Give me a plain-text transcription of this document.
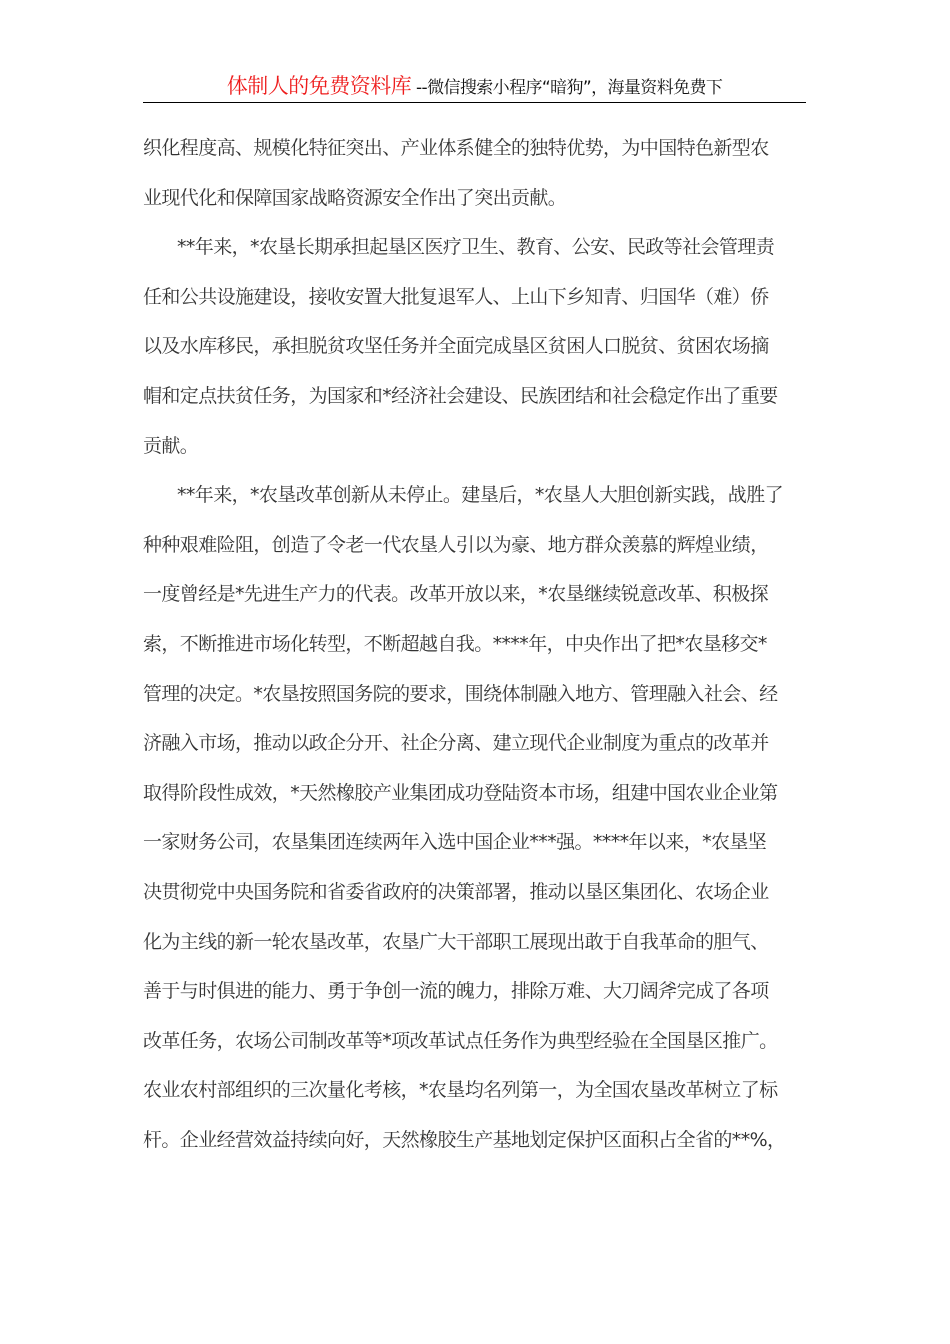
体制人的免费资料库 --微信搜索小程序“暗狗”，海量资料免费下
织化程度高、规模化特征突出、产业体系健全的独特优势，为中国特色新型农
业现代化和保障国家战略资源安全作出了突出贡献。
**年来，*农垦长期承担起垦区医疗卫生、教育、公安、民政等社会管理责
任和公共设施建设，接收安置大批复退军人、上山下乡知青、归国华（难）侨
以及水库移民，承担脱贫攻坚任务并全面完成垦区贫困人口脱贫、贫困农场摘
帽和定点扶贫任务，为国家和*经济社会建设、民族团结和社会稳定作出了重要
贡献。
**年来，*农垦改革创新从未停止。建垦后，*农垦人大胆创新实践，战胜了
种种艰难险阻，创造了令老一代农垦人引以为豪、地方群众羡慕的辉煌业绩，
一度曾经是*先进生产力的代表。改革开放以来，*农垦继续锐意改革、积极探
索，不断推进市场化转型，不断超越自我。****年，中央作出了把*农垦移交*
管理的决定。*农垦按照国务院的要求，围绕体制融入地方、管理融入社会、经
济融入市场，推动以政企分开、社企分离、建立现代企业制度为重点的改革并
取得阶段性成效，*天然橡胶产业集团成功登陆资本市场，组建中国农业企业第
一家财务公司，农垦集团连续两年入选中国企业***强。****年以来，*农垦坚
决贯彻党中央国务院和省委省政府的决策部署，推动以垦区集团化、农场企业
化为主线的新一轮农垦改革，农垦广大干部职工展现出敢于自我革命的胆气、
善于与时俱进的能力、勇于争创一流的魄力，排除万难、大刀阔斧完成了各项
改革任务，农场公司制改革等*项改革试点任务作为典型经验在全国垦区推广。
农业农村部组织的三次量化考核，*农垦均名列第一，为全国农垦改革树立了标
杆。企业经营效益持续向好，天然橡胶生产基地划定保护区面积占全省的**%，
